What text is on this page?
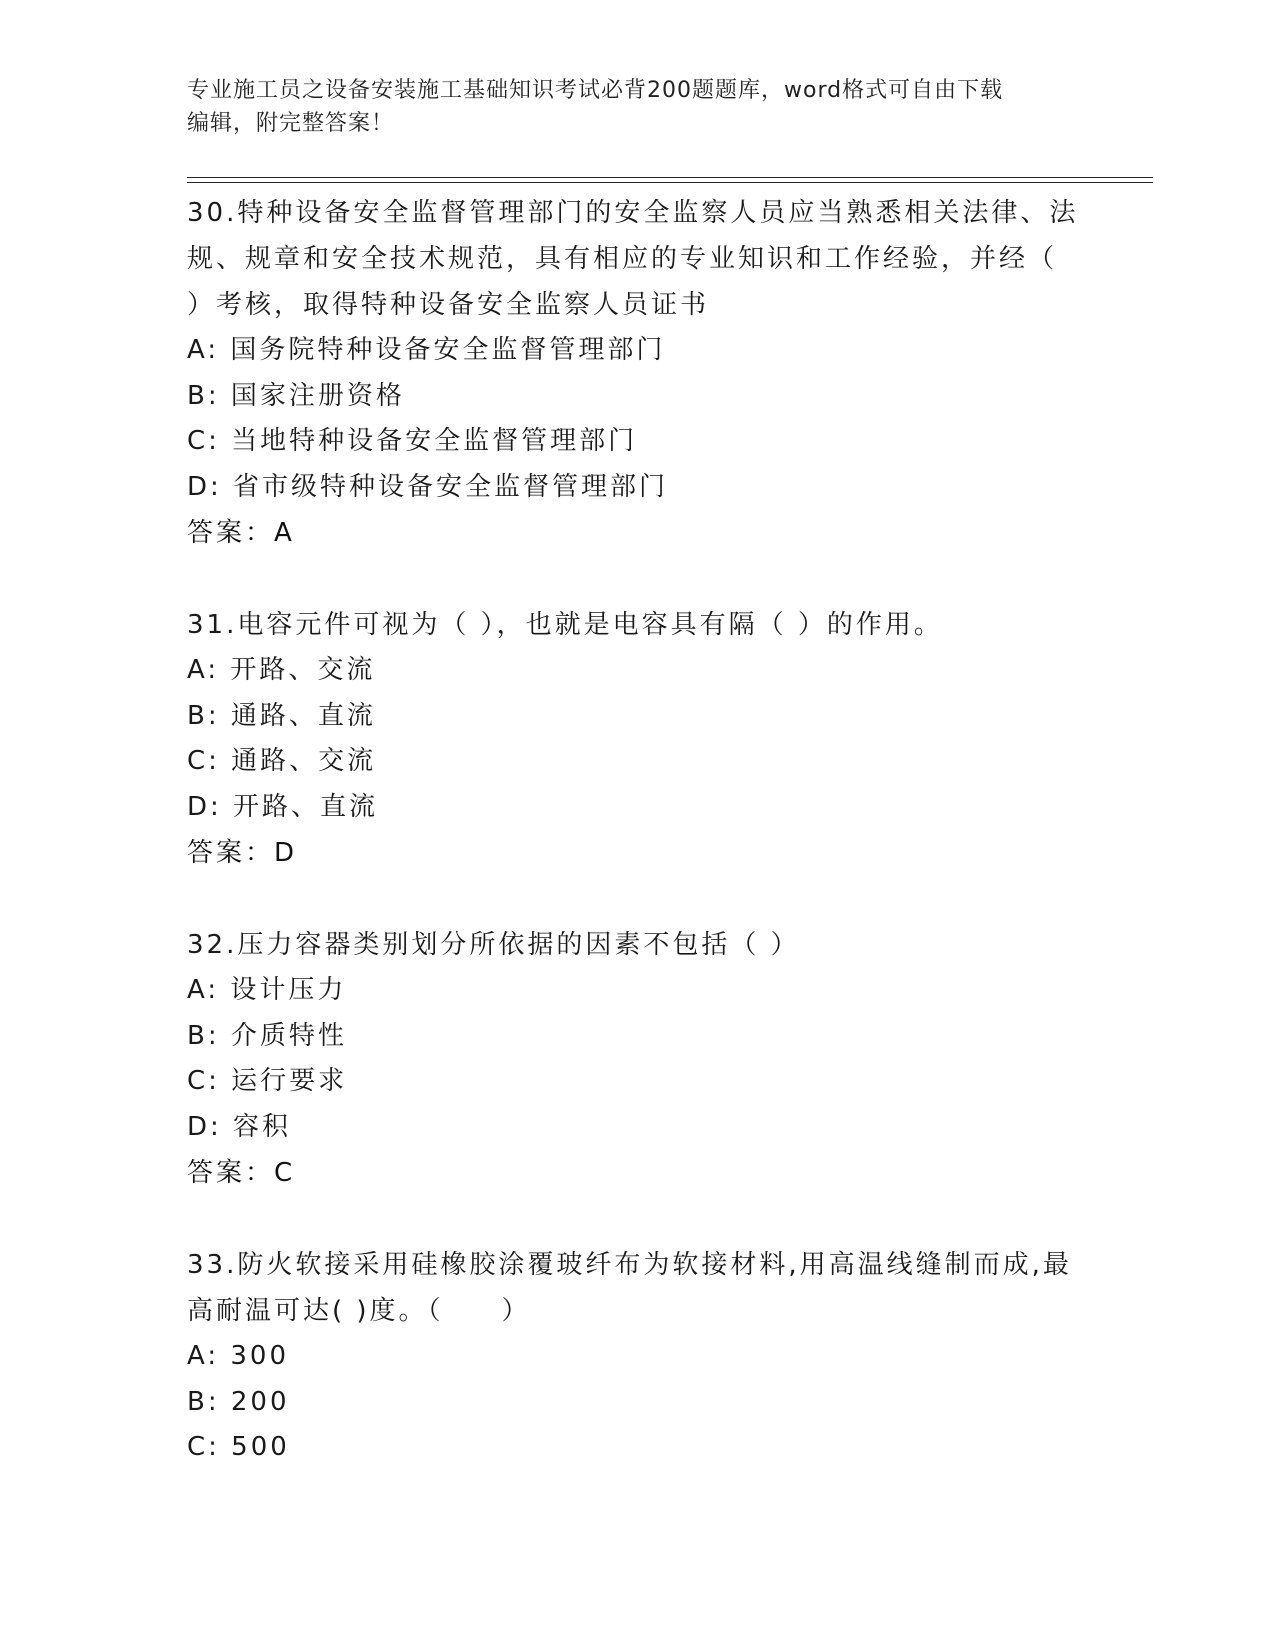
专业施工员之设备安装施工基础知识考试必背200题题库，word格式可自由下载
编辑，附完整答案！

30.特种设备安全监督管理部门的安全监察人员应当熟悉相关法律、法

规、规章和安全技术规范，具有相应的专业知识和工作经验，并经（

）考核，取得特种设备安全监察人员证书

A: 国务院特种设备安全监督管理部门

B: 国家注册资格

C: 当地特种设备安全监督管理部门

D: 省市级特种设备安全监督管理部门

答案：A

31.电容元件可视为（ ），也就是电容具有隔（ ）的作用。

A: 开路、交流

B: 通路、直流

C: 通路、交流

D: 开路、直流

答案：D

32.压力容器类别划分所依据的因素不包括（ ）

A: 设计压力

B: 介质特性

C: 运行要求

D: 容积

答案：C

33.防火软接采用硅橡胶涂覆玻纤布为软接材料,用高温线缝制而成,最

高耐温可达( )度。（　　）

A: 300

B: 200

C: 500
